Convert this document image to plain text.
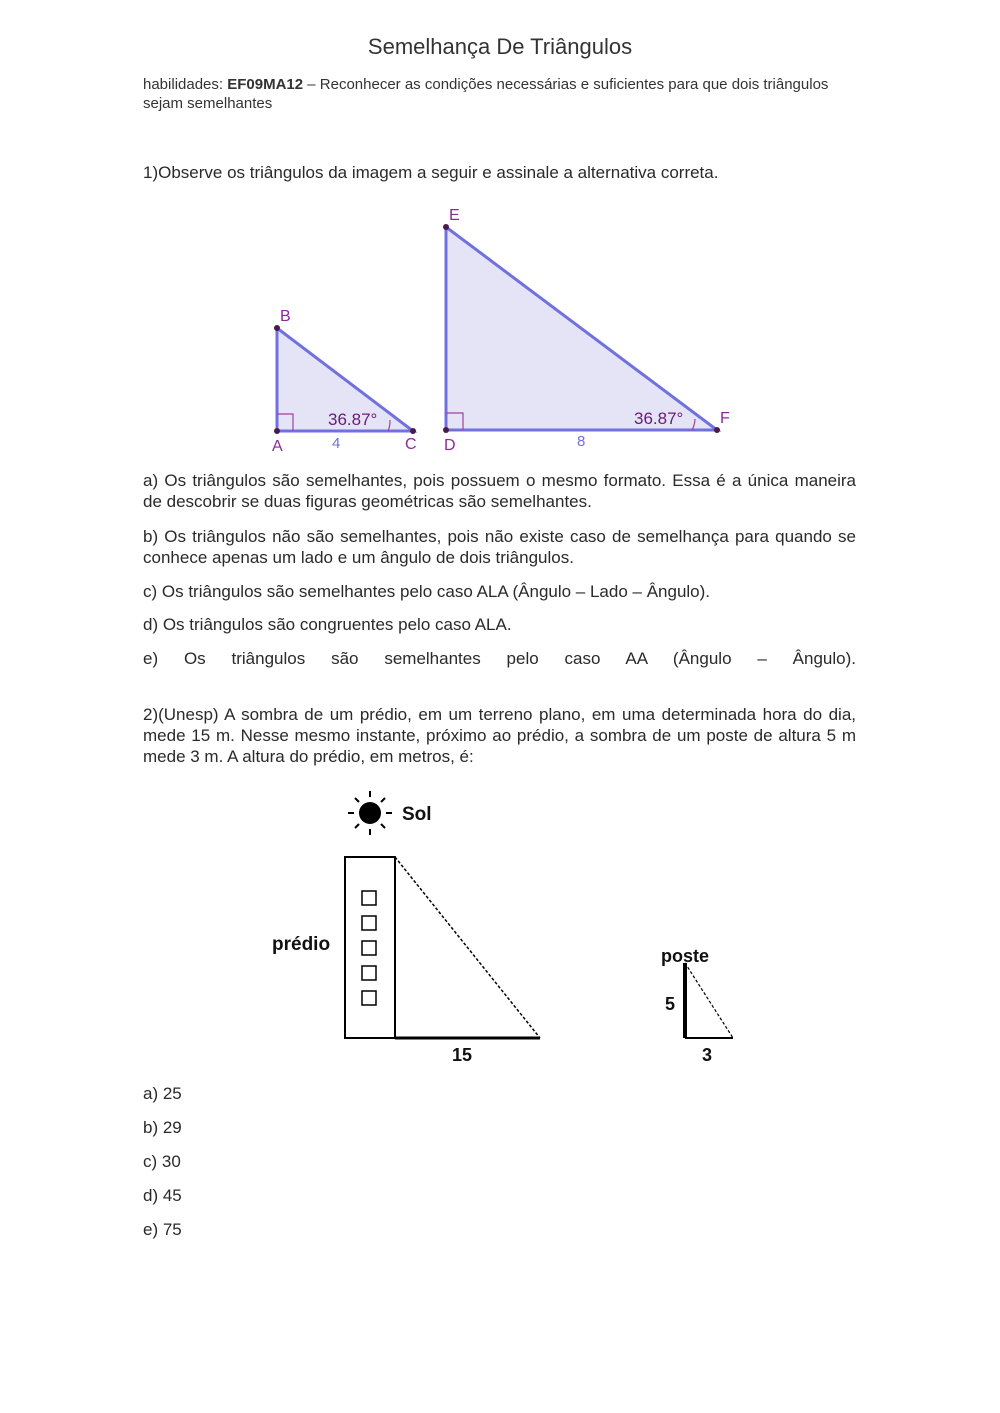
Semelhança De Triângulos
habilidades: EF09MA12 – Reconhecer as condições necessárias e suficientes para que dois triângulos sejam semelhantes
1)Observe os triângulos da imagem a seguir e assinale a alternativa correta.
B
A	C
36.87°
4
E
D
F
36.87°
8
a) Os triângulos são semelhantes, pois possuem o mesmo formato. Essa é a única maneira de descobrir se duas figuras geométricas são semelhantes.
b) Os triângulos não são semelhantes, pois não existe caso de semelhança para quando se conhece apenas um lado e um ângulo de dois triângulos.
c) Os triângulos são semelhantes pelo caso ALA (Ângulo – Lado – Ângulo).
d) Os triângulos são congruentes pelo caso ALA.
e) Os triângulos são semelhantes pelo caso AA (Ângulo – Ângulo).
2)(Unesp) A sombra de um prédio, em um terreno plano, em uma determinada hora do dia, mede 15 m. Nesse mesmo instante, próximo ao prédio, a sombra de um poste de altura 5 m mede 3 m. A altura do prédio, em metros, é:
Sol
prédio
15
poste
5
3
a) 25
b) 29
c) 30
d) 45
e) 75
